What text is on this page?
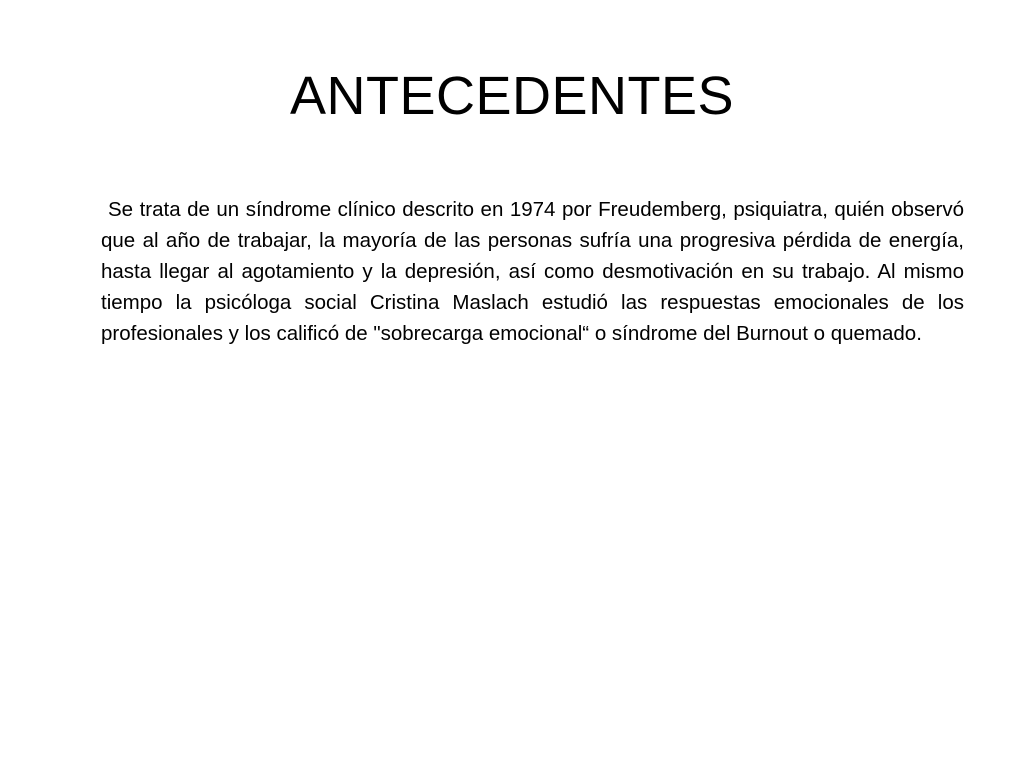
ANTECEDENTES

Se trata de un síndrome clínico descrito en 1974 por Freudemberg, psiquiatra, quién observó que al año de trabajar, la mayoría de las personas sufría una progresiva pérdida de energía, hasta llegar al agotamiento y la depresión, así como desmotivación en su trabajo. Al mismo tiempo la psicóloga social Cristina Maslach estudió las respuestas emocionales de los profesionales y los calificó de "sobrecarga emocional“ o síndrome del Burnout o quemado.
